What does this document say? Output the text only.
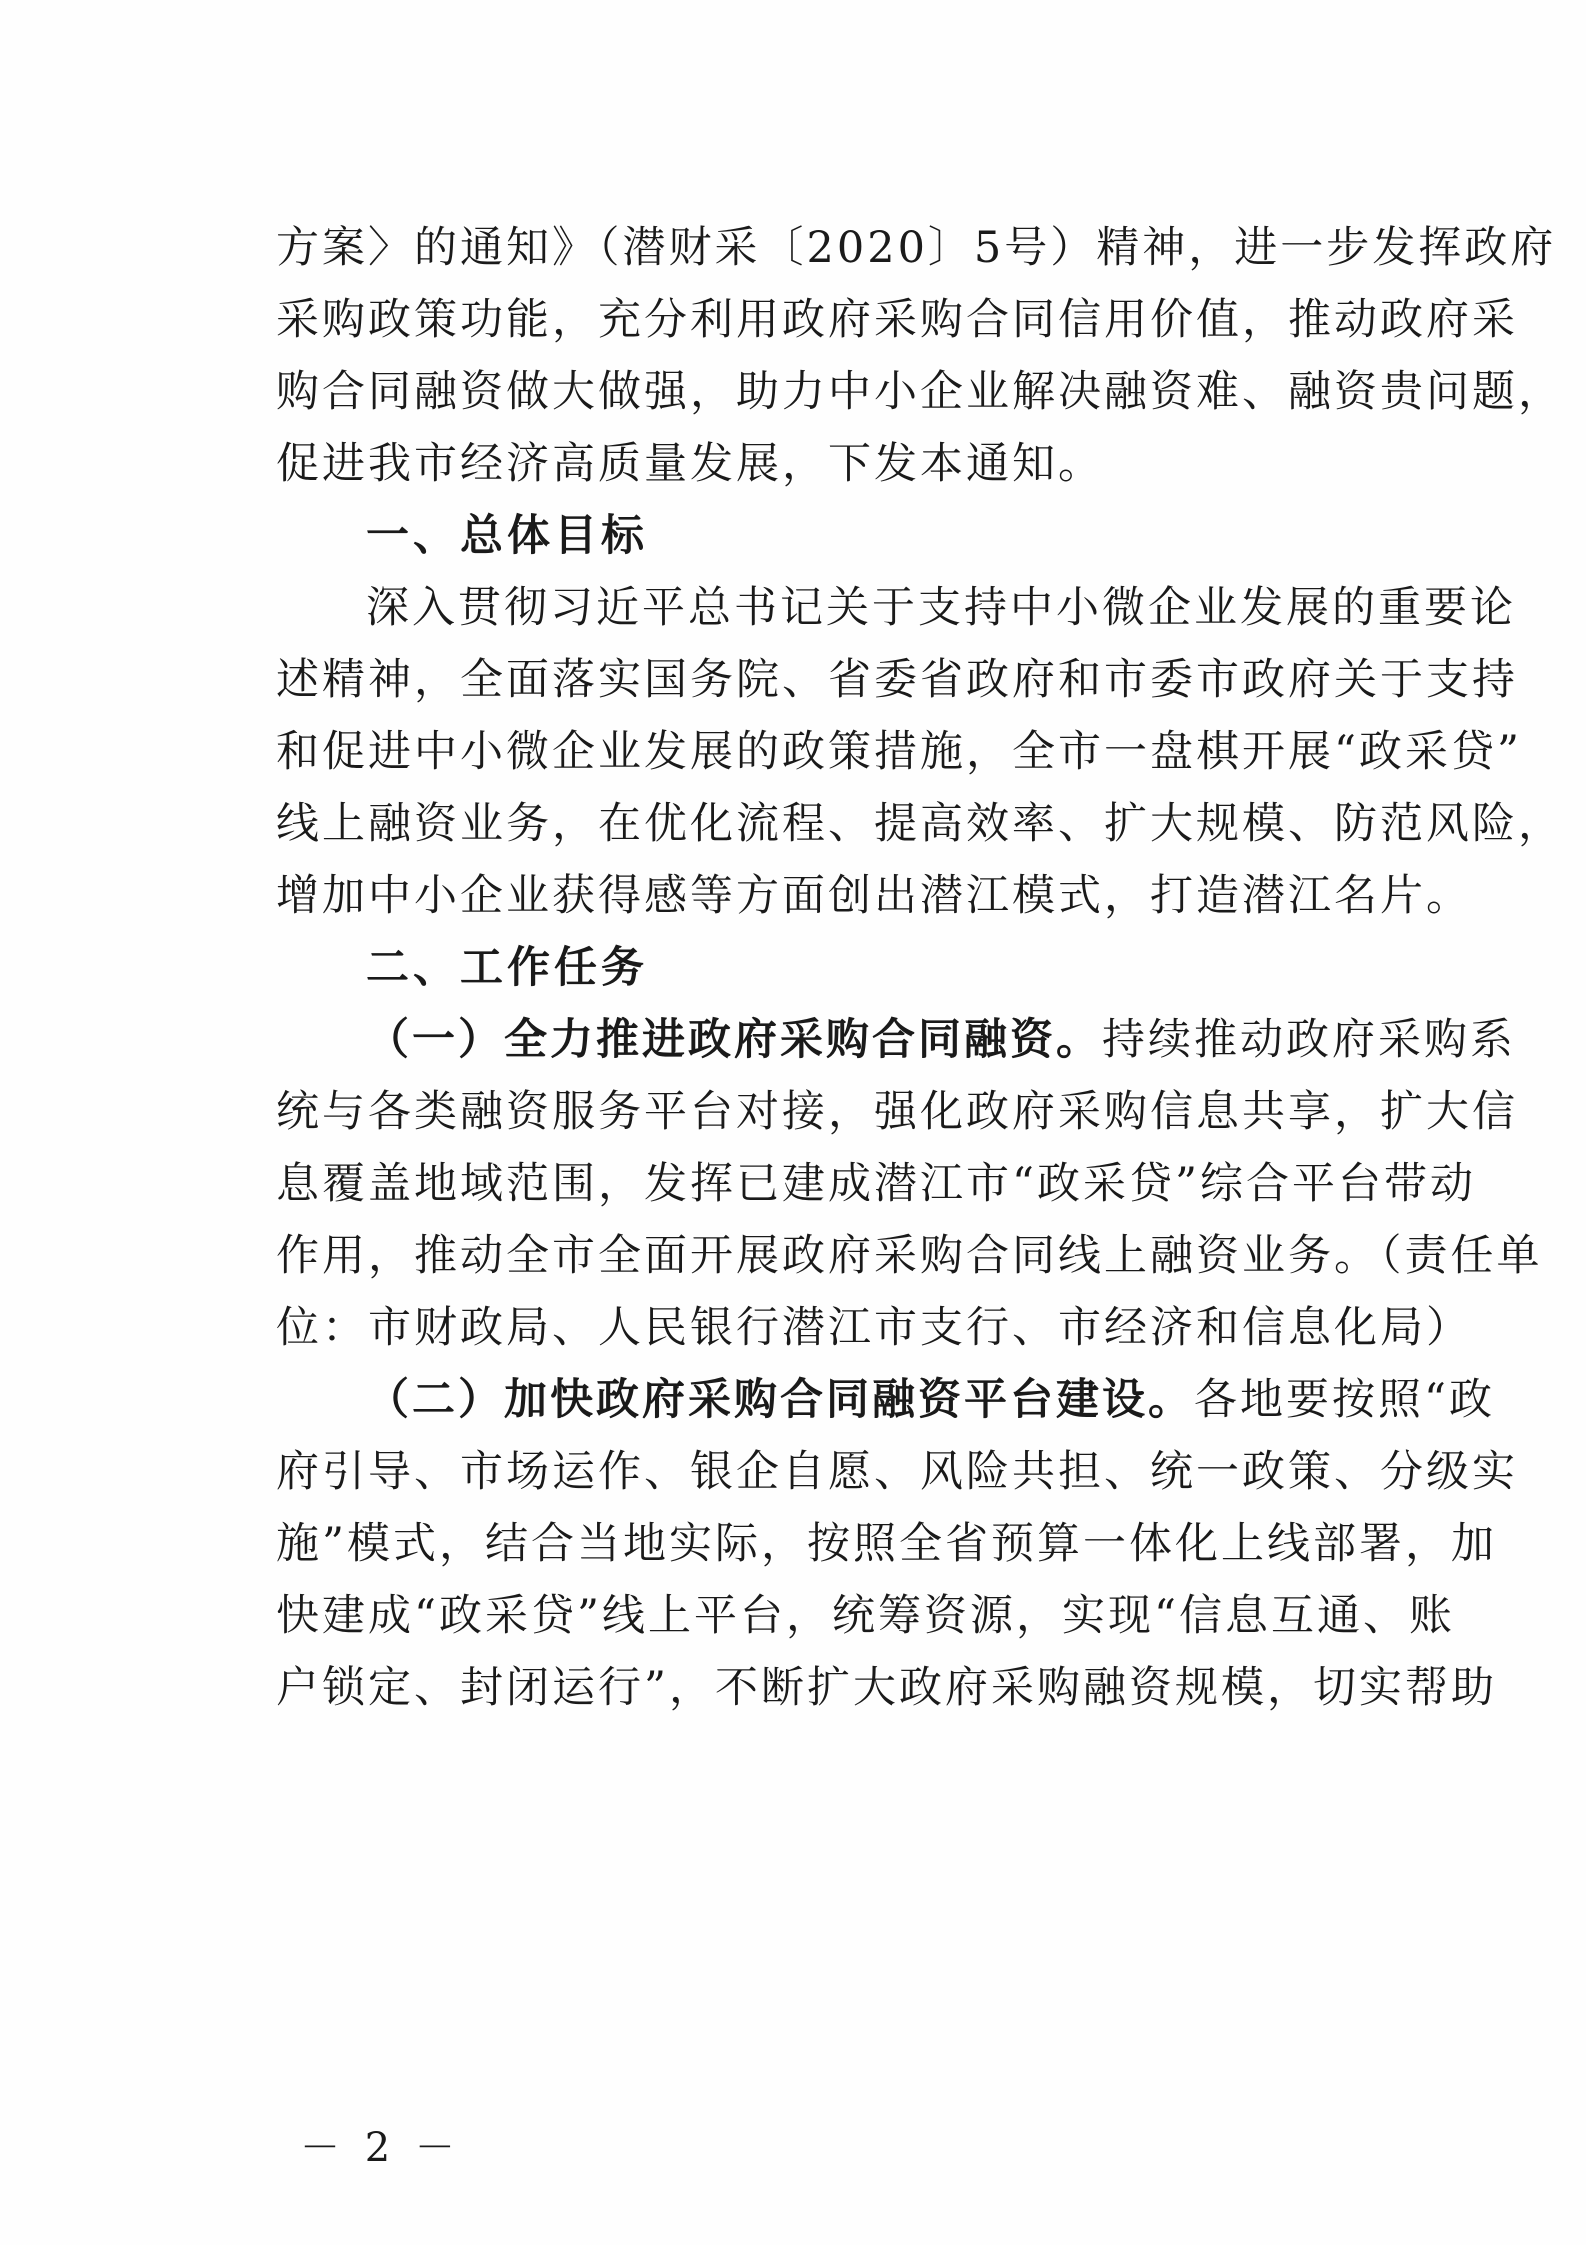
方案〉的通知》（潜财采〔2020〕5号）精神，进一步发挥政府
采购政策功能，充分利用政府采购合同信用价值，推动政府采
购合同融资做大做强，助力中小企业解决融资难、融资贵问题，
促进我市经济高质量发展，下发本通知。
一、总体目标
深入贯彻习近平总书记关于支持中小微企业发展的重要论
述精神，全面落实国务院、省委省政府和市委市政府关于支持
和促进中小微企业发展的政策措施，全市一盘棋开展“政采贷”
线上融资业务，在优化流程、提高效率、扩大规模、防范风险，
增加中小企业获得感等方面创出潜江模式，打造潜江名片。
二、工作任务
（一）全力推进政府采购合同融资。持续推动政府采购系
统与各类融资服务平台对接，强化政府采购信息共享，扩大信
息覆盖地域范围，发挥已建成潜江市“政采贷”综合平台带动
作用，推动全市全面开展政府采购合同线上融资业务。（责任单
位：市财政局、人民银行潜江市支行、市经济和信息化局）
（二）加快政府采购合同融资平台建设。各地要按照“政
府引导、市场运作、银企自愿、风险共担、统一政策、分级实
施”模式，结合当地实际，按照全省预算一体化上线部署，加
快建成“政采贷”线上平台，统筹资源，实现“信息互通、账
户锁定、封闭运行”，不断扩大政府采购融资规模，切实帮助
－ 2 －
